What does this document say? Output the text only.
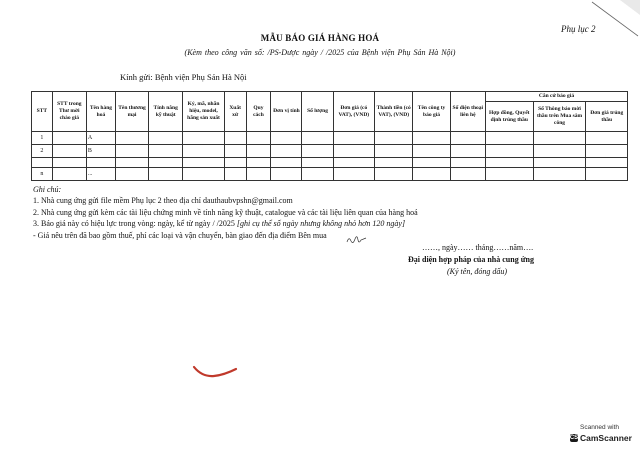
Phụ lục 2
MẪU BÁO GIÁ HÀNG HOÁ
(Kèm theo công văn số: /PS-Dược ngày / /2025 của Bệnh viện Phụ Sản Hà Nội)
Kính gửi: Bệnh viện Phụ Sản Hà Nội
STT	STT trong Thư mời chào giá	Tên hàng hoá	Tên thương mại	Tính năng kỹ thuật	Ký, mã, nhãn hiệu, model, hãng sản xuất	Xuất xứ	Quy cách	Đơn vị tính	Số lượng	Đơn giá (có VAT), (VND)	Thành tiền (có VAT), (VND)	Tên công ty báo giá	Số điện thoại liên hệ	Căn cứ báo giá		
														Hợp đồng, Quyết định trúng thầu	Số Thông báo mời thầu trên Mua sắm công	Đơn giá trúng thầu
1		A														
2		B														

n		...														
Ghi chú:
1. Nhà cung ứng gửi file mềm Phụ lục 2 theo địa chỉ dauthaubvpshn@gmail.com
2. Nhà cung ứng gửi kèm các tài liệu chứng minh về tính năng kỹ thuật, catalogue và các tài liệu liên quan của hàng hoá
3. Báo giá này có hiệu lực trong vòng: ngày, kể từ ngày / /2025 [ghi cụ thể số ngày nhưng không nhỏ hơn 120 ngày]
- Giá nêu trên đã bao gồm thuế, phí các loại và vận chuyển, bàn giao đến địa điểm Bên mua
……, ngày…… tháng……năm….
Đại diện hợp pháp của nhà cung ứng
(Ký tên, đóng dấu)
Scanned with
CS CamScanner
